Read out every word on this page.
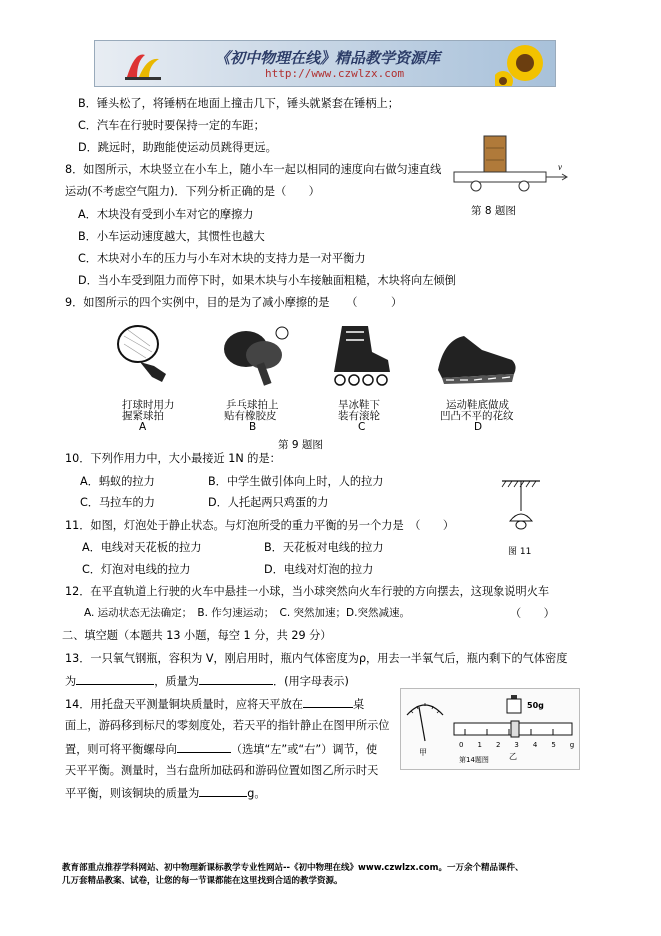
《初中物理在线》精品教学资源库
http://www.czwlzx.com
B．锤头松了，将锤柄在地面上撞击几下，锤头就紧套在锤柄上；
C．汽车在行驶时要保持一定的车距；
D．跳远时，助跑能使运动员跳得更远。
8．如图所示，木块竖立在小车上，随小车一起以相同的速度向右做匀速直线
运动(不考虑空气阻力)．下列分析正确的是（　　）
A．木块没有受到小车对它的摩擦力
B．小车运动速度越大，其惯性也越大
C．木块对小车的压力与小车对木块的支持力是一对平衡力
D．当小车受到阻力而停下时，如果木块与小车接触面粗糙，木块将向左倾倒
v
第 8 题图
9．如图所示的四个实例中，目的是为了减小摩擦的是　　（　　　）
打球时用力
握紧球拍
A
乒乓球拍上
贴有橡胶皮
B
旱冰鞋下
装有滚轮
C
运动鞋底做成
凹凸不平的花纹
D
第 9 题图
10．下列作用力中，大小最接近 1N 的是：
A．蚂蚁的拉力	B．中学生做引体向上时，人的拉力
C．马拉车的力	D．人托起两只鸡蛋的力
图 11
11．如图，灯泡处于静止状态。与灯泡所受的重力平衡的另一个力是　（　　）
A．电线对天花板的拉力	B．天花板对电线的拉力
C．灯泡对电线的拉力	D．电线对灯泡的拉力
12．在平直轨道上行驶的火车中悬挂一小球，当小球突然向火车行驶的方向摆去，这现象说明火车
A. 运动状态无法确定；　B. 作匀速运动；　C. 突然加速；D.突然减速。	（　　）
二、填空题（本题共 13 小题，每空 1 分，共 29 分）
13．一只氧气钢瓶，容积为 V，刚启用时，瓶内气体密度为ρ，用去一半氧气后，瓶内剩下的气体密度
为	，质量为	．(用字母表示)
14．用托盘天平测量铜块质量时，应将天平放在	桌
面上，游码移到标尺的零刻度处，若天平的指针静止在图甲所示位
置，则可将平衡螺母向	（选填“左”或“右”）调节，使
天平平衡。测量时，当右盘所加砝码和游码位置如图乙所示时天
平平衡，则该铜块的质量为	g。
50g
012345g
甲	乙
第14题图
教育部重点推荐学科网站、初中物理新课标教学专业性网站--《初中物理在线》www.czwlzx.com。一万余个精品课件、
几万套精品教案、试卷，让您的每一节课都能在这里找到合适的教学资源。
